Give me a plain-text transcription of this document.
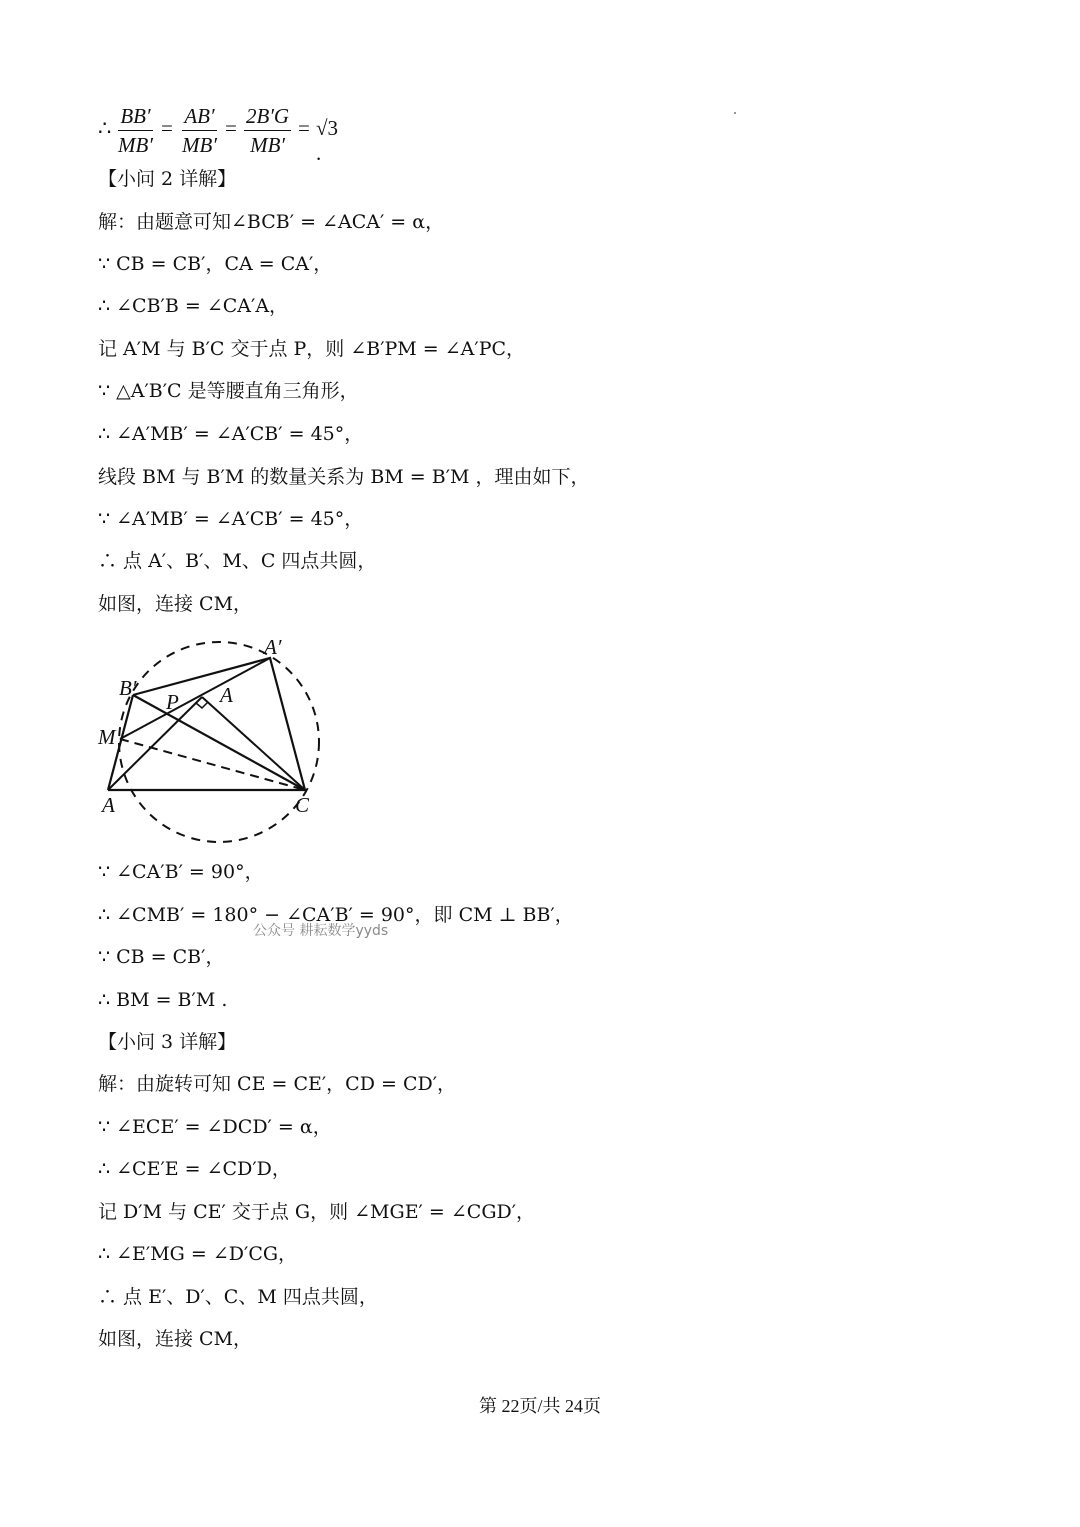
∴ $\frac{BB'}{MB'} = \frac{AB'}{MB'} = \frac{2B'G}{MB'} = √3$ .
【小问 2 详解】
解：由题意可知∠BCB′ = ∠ACA′ = α，
∵ CB = CB′，CA = CA′，
∴ ∠CB′B = ∠CA′A，
记 A′M 与 B′C 交于点 P，则 ∠B′PM = ∠A′PC，
∵ △A′B′C 是等腰直角三角形，
∴ ∠A′MB′ = ∠A′CB′ = 45°，
线段 BM 与 B′M 的数量关系为 BM = B′M ，理由如下，
∵ ∠A′MB′ = ∠A′CB′ = 45°，
∴ 点 A′、B′、M、C 四点共圆，
如图，连接 CM，
A′
B′
P A
M
A	C
∵ ∠CA′B′ = 90°，
∴ ∠CMB′ = 180° − ∠CA′B′ = 90°，即 CM ⊥ BB′，
公众号 耕耘数学yyds
∵ CB = CB′，
∴ BM = B′M .
【小问 3 详解】
解：由旋转可知 CE = CE′，CD = CD′，
∵ ∠ECE′ = ∠DCD′ = α，
∴ ∠CE′E = ∠CD′D，
记 D′M 与 CE′ 交于点 G，则 ∠MGE′ = ∠CGD′，
∴ ∠E′MG = ∠D′CG，
∴ 点 E′、D′、C、M 四点共圆，
如图，连接 CM，
第 22页/共 24页
